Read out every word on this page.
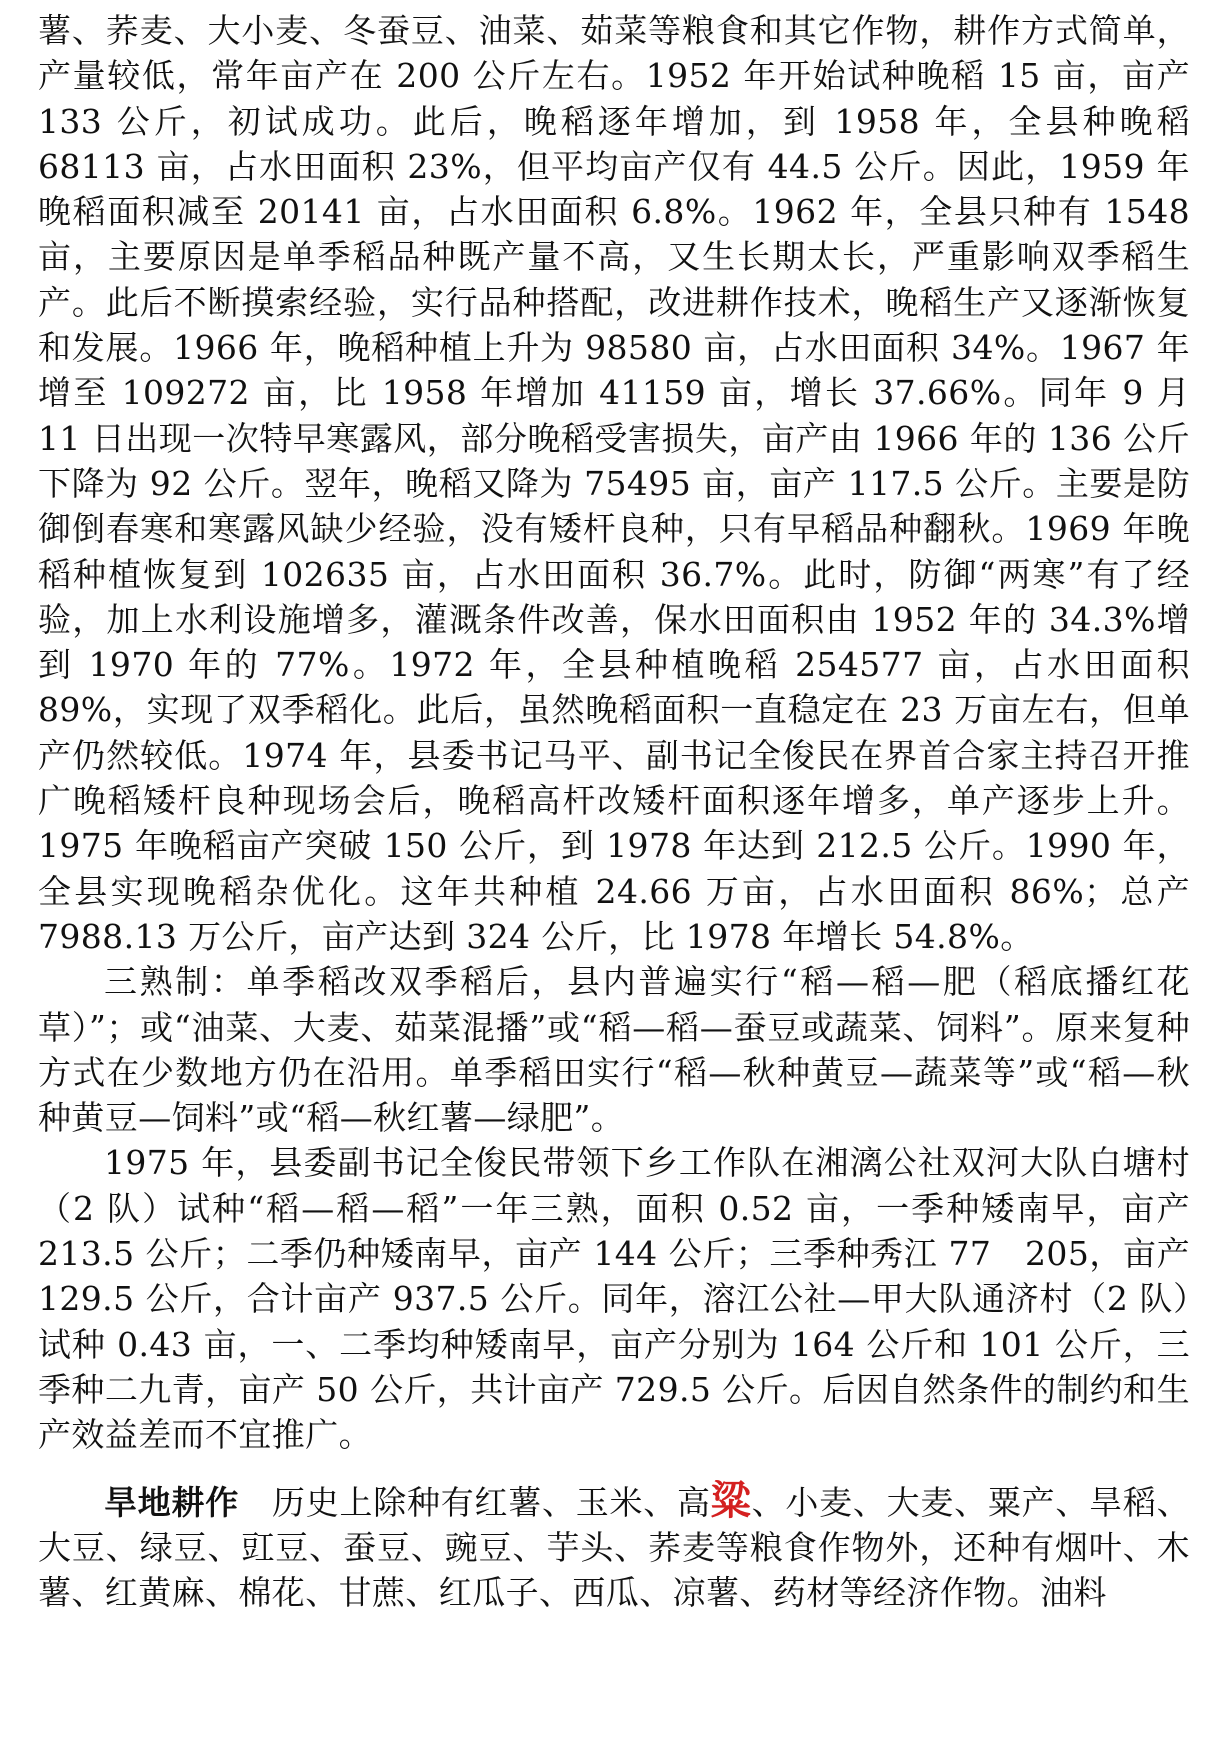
薯、荞麦、大小麦、冬蚕豆、油菜、茹菜等粮食和其它作物，耕作方式简单，产量较低，常年亩产在 200 公斤左右。1952 年开始试种晚稻 15 亩，亩产 133 公斤，初试成功。此后，晚稻逐年增加，到 1958 年，全县种晚稻 68113 亩，占水田面积 23%，但平均亩产仅有 44.5 公斤。因此，1959 年晚稻面积减至 20141 亩，占水田面积 6.8%。1962 年，全县只种有 1548 亩，主要原因是单季稻品种既产量不高，又生长期太长，严重影响双季稻生产。此后不断摸索经验，实行品种搭配，改进耕作技术，晚稻生产又逐渐恢复和发展。1966 年，晚稻种植上升为 98580 亩，占水田面积 34%。1967 年增至 109272 亩，比 1958 年增加 41159 亩，增长 37.66%。同年 9 月 11 日出现一次特早寒露风，部分晚稻受害损失，亩产由 1966 年的 136 公斤下降为 92 公斤。翌年，晚稻又降为 75495 亩，亩产 117.5 公斤。主要是防御倒春寒和寒露风缺少经验，没有矮杆良种，只有早稻品种翻秋。1969 年晚稻种植恢复到 102635 亩，占水田面积 36.7%。此时，防御“两寒”有了经验，加上水利设施增多，灌溉条件改善，保水田面积由 1952 年的 34.3%增到 1970 年的 77%。1972 年，全县种植晚稻 254577 亩，占水田面积 89%，实现了双季稻化。此后，虽然晚稻面积一直稳定在 23 万亩左右，但单产仍然较低。1974 年，县委书记马平、副书记全俊民在界首合家主持召开推广晚稻矮杆良种现场会后，晚稻高杆改矮杆面积逐年增多，单产逐步上升。1975 年晚稻亩产突破 150 公斤，到 1978 年达到 212.5 公斤。1990 年，全县实现晚稻杂优化。这年共种植 24.66 万亩，占水田面积 86%；总产 7988.13 万公斤，亩产达到 324 公斤，比 1978 年增长 54.8%。

三熟制：单季稻改双季稻后，县内普遍实行“稻—稻—肥（稻底播红花草）”；或“油菜、大麦、茹菜混播”或“稻—稻—蚕豆或蔬菜、饲料”。原来复种方式在少数地方仍在沿用。单季稻田实行“稻—秋种黄豆—蔬菜等”或“稻—秋种黄豆—饲料”或“稻—秋红薯—绿肥”。

1975 年，县委副书记全俊民带领下乡工作队在湘漓公社双河大队白塘村（2 队）试种“稻—稻—稻”一年三熟，面积 0.52 亩，一季种矮南早，亩产 213.5 公斤；二季仍种矮南早，亩产 144 公斤；三季种秀江 77　205，亩产 129.5 公斤，合计亩产 937.5 公斤。同年，溶江公社—甲大队通济村（2 队）试种 0.43 亩，一、二季均种矮南早，亩产分别为 164 公斤和 101 公斤，三季种二九青，亩产 50 公斤，共计亩产 729.5 公斤。后因自然条件的制约和生产效益差而不宜推广。

旱地耕作 历史上除种有红薯、玉米、高粱、小麦、大麦、粟产、旱稻、大豆、绿豆、豇豆、蚕豆、豌豆、芋头、荞麦等粮食作物外，还种有烟叶、木薯、红黄麻、棉花、甘蔗、红瓜子、西瓜、凉薯、药材等经济作物。油料
